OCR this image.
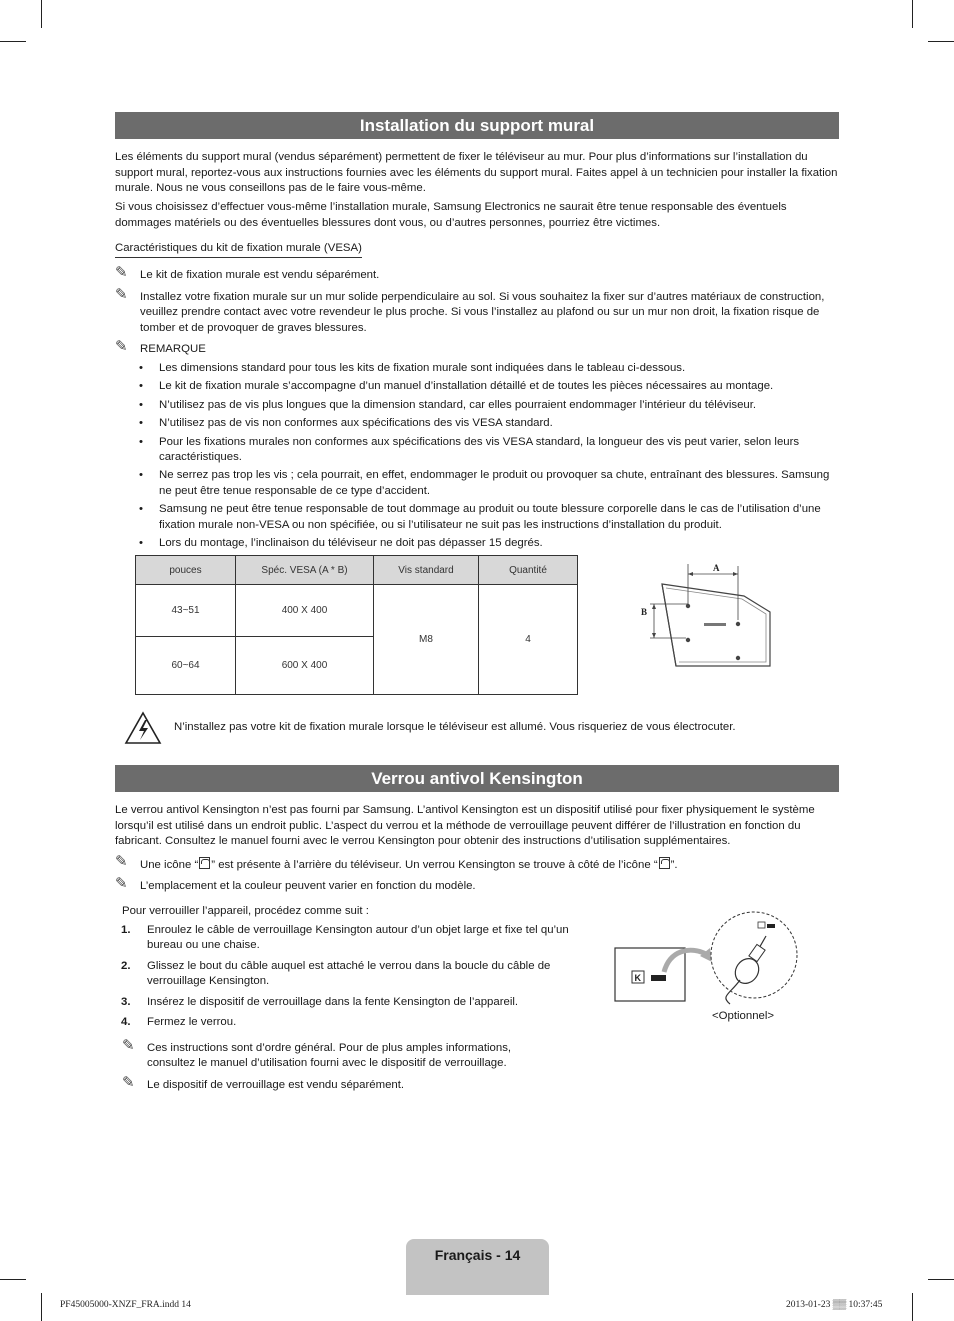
Installation du support mural

Les éléments du support mural (vendus séparément) permettent de fixer le téléviseur au mur. Pour plus d’informations sur l’installation du support mural, reportez-vous aux instructions fournies avec les éléments du support mural. Faites appel à un technicien pour installer la fixation murale. Nous ne vous conseillons pas de le faire vous-même.

Si vous choisissez d’effectuer vous-même l’installation murale, Samsung Electronics ne saurait être tenue responsable des éventuels dommages matériels ou des éventuelles blessures dont vous, ou d’autres personnes, pourriez être victimes.

Caractéristiques du kit de fixation murale (VESA)
✎ Le kit de fixation murale est vendu séparément.
✎ Installez votre fixation murale sur un mur solide perpendiculaire au sol. Si vous souhaitez la fixer sur d’autres matériaux de construction, veuillez prendre contact avec votre revendeur le plus proche. Si vous l’installez au plafond ou sur un mur non droit, la fixation risque de tomber et de provoquer de graves blessures.
✎ REMARQUE
• Les dimensions standard pour tous les kits de fixation murale sont indiquées dans le tableau ci-dessous.
• Le kit de fixation murale s’accompagne d’un manuel d’installation détaillé et de toutes les pièces nécessaires au montage.
• N’utilisez pas de vis plus longues que la dimension standard, car elles pourraient endommager l’intérieur du téléviseur.
• N’utilisez pas de vis non conformes aux spécifications des vis VESA standard.
• Pour les fixations murales non conformes aux spécifications des vis VESA standard, la longueur des vis peut varier, selon leurs caractéristiques.
• Ne serrez pas trop les vis ; cela pourrait, en effet, endommager le produit ou provoquer sa chute, entraînant des blessures. Samsung ne peut être tenue responsable de ce type d’accident.
• Samsung ne peut être tenue responsable de tout dommage au produit ou toute blessure corporelle dans le cas de l’utilisation d’une fixation murale non-VESA ou non spécifiée, ou si l’utilisateur ne suit pas les instructions d’installation du produit.
• Lors du montage, l’inclinaison du téléviseur ne doit pas dépasser 15 degrés.
pouces	Spéc. VESA (A * B)	Vis standard	Quantité
43~51	400 X 400	M8	4
60~64	600 X 400		
A
B
SAMSUNG
N’installez pas votre kit de fixation murale lorsque le téléviseur est allumé. Vous risqueriez de vous électrocuter.
Verrou antivol Kensington

Le verrou antivol Kensington n’est pas fourni par Samsung. L’antivol Kensington est un dispositif utilisé pour fixer physiquement le système lorsqu’il est utilisé dans un endroit public. L’aspect du verrou et la méthode de verrouillage peuvent différer de l’illustration en fonction du fabricant. Consultez le manuel fourni avec le verrou Kensington pour obtenir des instructions d’utilisation supplémentaires.

✎ Une icône “ ” est présente à l’arrière du téléviseur. Un verrou Kensington se trouve à côté de l’icône “ ”.
✎ L’emplacement et la couleur peuvent varier en fonction du modèle.
Pour verrouiller l’appareil, procédez comme suit :
1. Enroulez le câble de verrouillage Kensington autour d’un objet large et fixe tel qu’un bureau ou une chaise.
2. Glissez le bout du câble auquel est attaché le verrou dans la boucle du câble de verrouillage Kensington.
3. Insérez le dispositif de verrouillage dans la fente Kensington de l’appareil.
4. Fermez le verrou.
✎ Ces instructions sont d’ordre général. Pour de plus amples informations, consultez le manuel d’utilisation fourni avec le dispositif de verrouillage.
✎ Le dispositif de verrouillage est vendu séparément.
K
<Optionnel>
Français - 14
PF45005000-XNZF_FRA.indd 14	2013-01-23 ▒▒ 10:37:45
